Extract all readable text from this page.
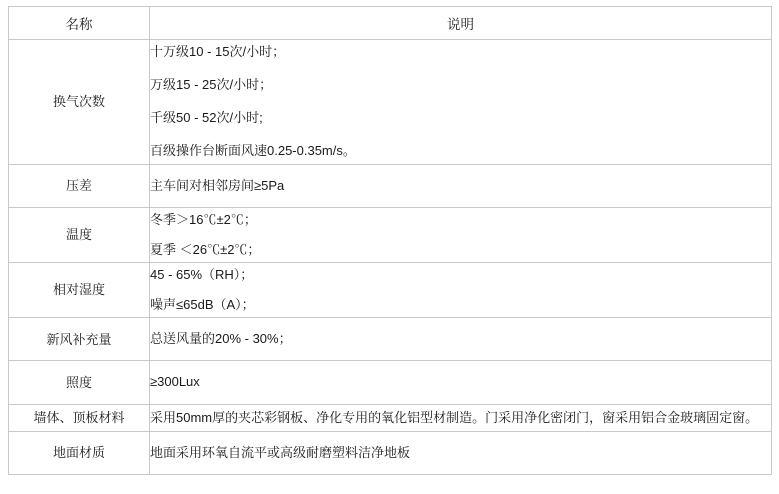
名称	说明
换气次数	十万级10 - 15次/小时；

万级15 - 25次/小时；

千级50 - 52次/小时;

百级操作台断面风速0.25-0.35m/s。

压差	主车间对相邻房间≥5Pa

温度	冬季＞16℃±2℃；

夏季 ＜26℃±2℃；

相对湿度	45 - 65%（RH）；

噪声≤65dB（A）；

新风补充量	总送风量的20% - 30%；

照度	≥300Lux

墙体、顶板材料	采用50mm厚的夹芯彩钢板、净化专用的氧化铝型材制造。门采用净化密闭门，窗采用铝合金玻璃固定窗。

地面材质	地面采用环氧自流平或高级耐磨塑料洁净地板
